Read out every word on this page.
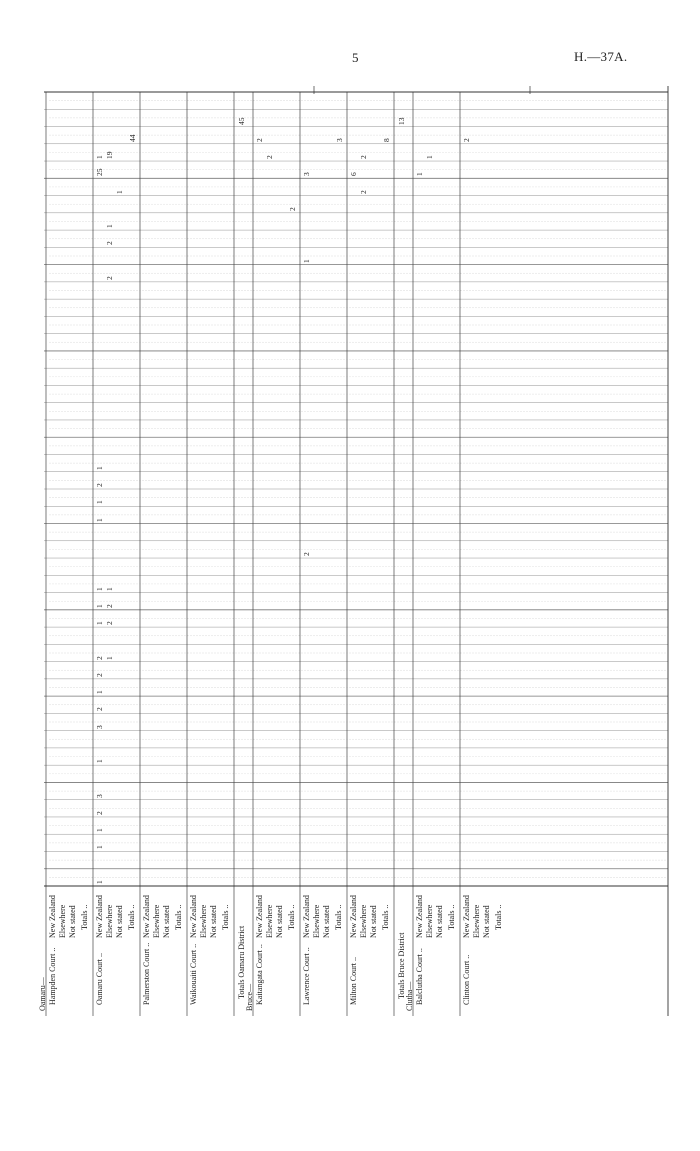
5	H.—37A.
Oamaru— Hampden Court ..
New Zealand Elsewhere Not stated Totals ..
Oamaru Court ..
New Zealand Elsewhere Not stated Totals ..
Palmerston Court ..
New Zealand Elsewhere Not stated Totals ..
Waikouaiti Court ..
New Zealand Elsewhere Not stated Totals ..
Totals Oamaru District Bruce— Kaitangata Court ..
New Zealand Elsewhere Not stated Totals ..
Lawrence Court ..
New Zealand Elsewhere Not stated Totals ..
Milton Court ..
New Zealand Elsewhere Not stated Totals ..
Totals Bruce District Clutha— Balclutha Court ..
New Zealand Elsewhere Not stated Totals ..
Clinton Court ..
New Zealand Elsewhere Not stated Totals ..
1
1
1
2
3
1
3
2
1
2
2 1
1 2
1 2
1 1
1
1
2
1
2
2
1
1
25
19
1
45
44
2
2
2
1
3
3
2
6
2
2
8
13
1
1
2
